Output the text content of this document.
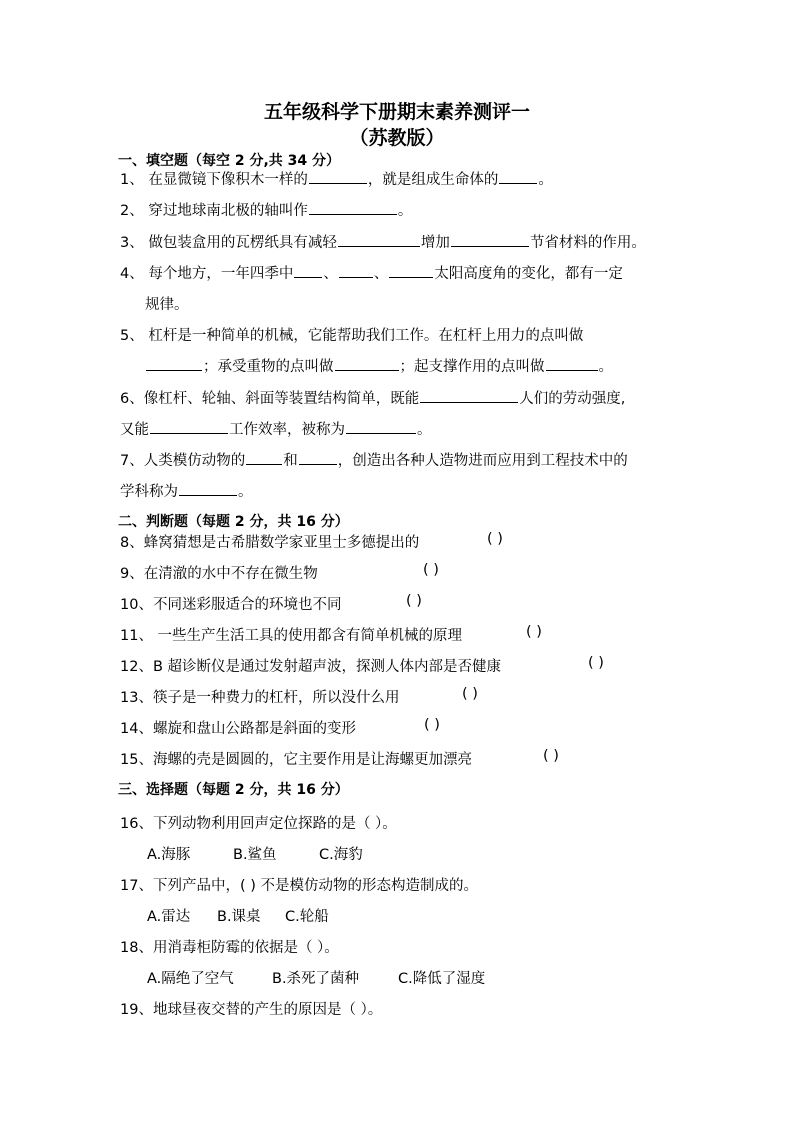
五年级科学下册期末素养测评一
（苏教版）
一、填空题（每空 2 分,共 34 分）
1、 在显微镜下像积木一样的	，就是组成生命体的	。
2、 穿过地球南北极的轴叫作	。
3、 做包装盒用的瓦楞纸具有减轻	增加	节省材料的作用。
4、 每个地方，一年四季中 、 、	太阳高度角的变化，都有一定
规律。
5、 杠杆是一种简单的机械，它能帮助我们工作。在杠杆上用力的点叫做
；承受重物的点叫做	；起支撑作用的点叫做	。
6、像杠杆、轮轴、斜面等装置结构简单，既能	人们的劳动强度,
又能	工作效率，被称为	。
7、人类模仿动物的	和	，创造出各种人造物进而应用到工程技术中的
学科称为	。
二、判断题（每题 2 分，共 16 分）
8、蜂窝猜想是古希腊数学家亚里士多德提出的	( )
9、在清澈的水中不存在微生物	( )
10、不同迷彩服适合的环境也不同	( )
11、 一些生产生活工具的使用都含有简单机械的原理	( )
12、B 超诊断仪是通过发射超声波，探测人体内部是否健康	( )
13、筷子是一种费力的杠杆，所以没什么用	( )
14、螺旋和盘山公路都是斜面的变形	( )
15、海螺的壳是圆圆的，它主要作用是让海螺更加漂亮	( )
三、选择题（每题 2 分，共 16 分）
16、下列动物利用回声定位探路的是（ ）。
A.海豚	B.鲨鱼	C.海豹
17、下列产品中，( ) 不是模仿动物的形态构造制成的。
A.雷达 B.课桌 C.轮船
18、用消毒柜防霉的依据是（ ）。
A.隔绝了空气	B.杀死了菌种	C.降低了湿度
19、地球昼夜交替的产生的原因是（ ）。
